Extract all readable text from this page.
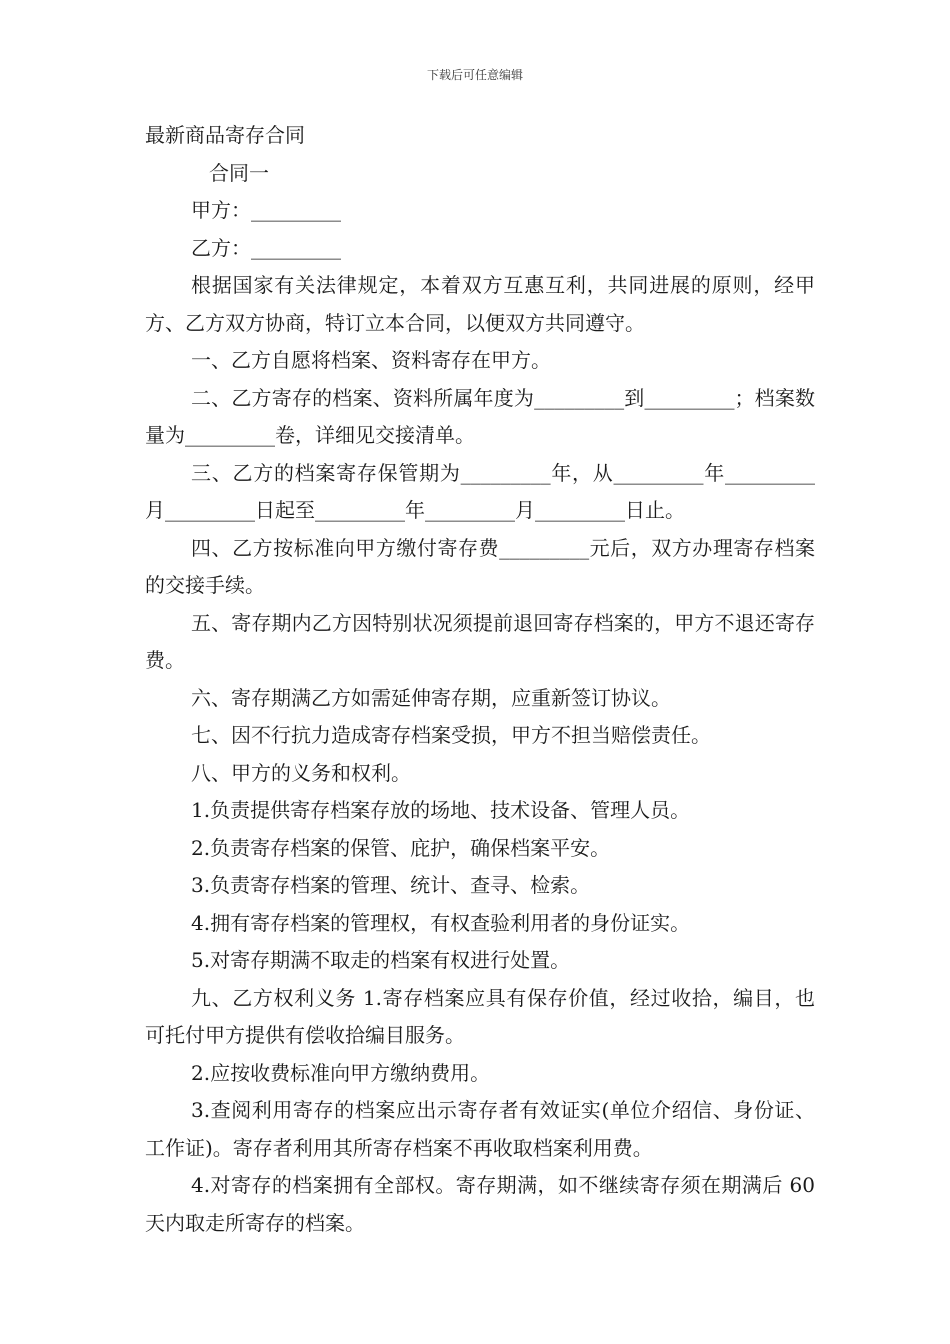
下载后可任意编辑

最新商品寄存合同

合同一

甲方：_________

乙方：_________

根据国家有关法律规定，本着双方互惠互利，共同进展的原则，经甲方、乙方双方协商，特订立本合同，以便双方共同遵守。

一、乙方自愿将档案、资料寄存在甲方。

二、乙方寄存的档案、资料所属年度为_________到_________；档案数量为_________卷，详细见交接清单。

三、乙方的档案寄存保管期为_________年，从_________年_________月_________日起至_________年_________月_________日止。

四、乙方按标准向甲方缴付寄存费_________元后，双方办理寄存档案的交接手续。

五、寄存期内乙方因特别状况须提前退回寄存档案的，甲方不退还寄存费。

六、寄存期满乙方如需延伸寄存期，应重新签订协议。

七、因不行抗力造成寄存档案受损，甲方不担当赔偿责任。

八、甲方的义务和权利。

1.负责提供寄存档案存放的场地、技术设备、管理人员。

2.负责寄存档案的保管、庇护，确保档案平安。

3.负责寄存档案的管理、统计、查寻、检索。

4.拥有寄存档案的管理权，有权查验利用者的身份证实。

5.对寄存期满不取走的档案有权进行处置。

九、乙方权利义务 1.寄存档案应具有保存价值，经过收拾，编目，也可托付甲方提供有偿收拾编目服务。

2.应按收费标准向甲方缴纳费用。

3.查阅利用寄存的档案应出示寄存者有效证实(单位介绍信、身份证、工作证)。寄存者利用其所寄存档案不再收取档案利用费。

4.对寄存的档案拥有全部权。寄存期满，如不继续寄存须在期满后 60 天内取走所寄存的档案。
